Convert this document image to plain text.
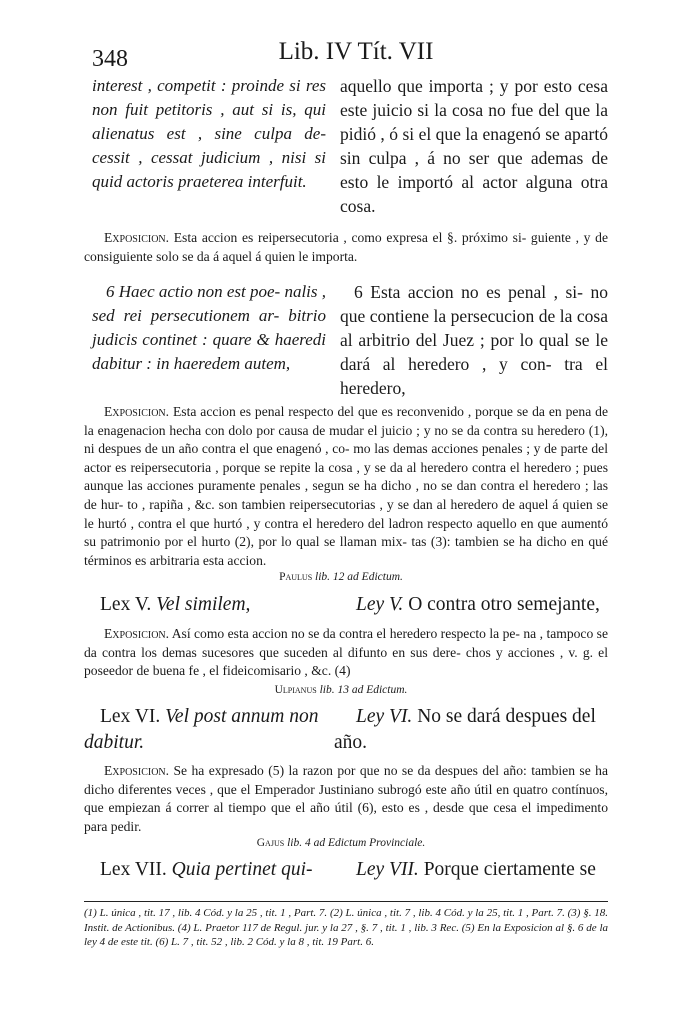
348	Lib. IV Tít. VII
interest , competit : proinde si res non fuit petitoris , aut si is, qui alienatus est , sine culpa de- cessit , cessat judicium , nisi si quid actoris praeterea interfuit.
aquello que importa ; y por esto cesa este juicio si la cosa no fue del que la pidió , ó si el que la enagenó se apartó sin culpa , á no ser que ademas de esto le importó al actor alguna otra cosa.
Exposicion. Esta accion es reipersecutoria , como expresa el §. próximo si- guiente , y de consiguiente solo se da á aquel á quien le importa.
6 Haec actio non est poe- nalis , sed rei persecutionem ar- bitrio judicis continet : quare & haeredi dabitur : in haeredem autem,
6 Esta accion no es penal , si- no que contiene la persecucion de la cosa al arbitrio del Juez ; por lo qual se le dará al heredero , y con- tra el heredero,
Exposicion. Esta accion es penal respecto del que es reconvenido , porque se da en pena de la enagenacion hecha con dolo por causa de mudar el juicio ; y no se da contra su heredero (1), ni despues de un año contra el que enagenó , co- mo las demas acciones penales ; y de parte del actor es reipersecutoria , porque se repite la cosa , y se da al heredero contra el heredero ; pues aunque las acciones puramente penales , segun se ha dicho , no se dan contra el heredero ; las de hur- to , rapiña , &c. son tambien reipersecutorias , y se dan al heredero de aquel á quien se le hurtó , contra el que hurtó , y contra el heredero del ladron respecto aquello en que aumentó su patrimonio por el hurto (2), por lo qual se llaman mix- tas (3): tambien se ha dicho en qué términos es arbitraria esta accion.
Paulus lib. 12 ad Edictum.
Lex V. Vel similem,	Ley V. O contra otro semejante,
Exposicion. Así como esta accion no se da contra el heredero respecto la pe- na , tampoco se da contra los demas sucesores que suceden al difunto en sus dere- chos y acciones , v. g. el poseedor de buena fe , el fideicomisario , &c. (4)
Ulpianus lib. 13 ad Edictum.
Lex VI. Vel post annum non dabitur.
Ley VI. No se dará despues del año.
Exposicion. Se ha expresado (5) la razon por que no se da despues del año: tambien se ha dicho diferentes veces , que el Emperador Justiniano subrogó este año útil en quatro contínuos, que empiezan á correr al tiempo que el año útil (6), esto es , desde que cesa el impedimento para pedir.
Gajus lib. 4 ad Edictum Provinciale.
Lex VII. Quia pertinet qui-	Ley VII. Porque ciertamente se
(1) L. única , tit. 17 , lib. 4 Cód. y la 25 , tit. 1 , Part. 7. (2) L. única , tit. 7 , lib. 4 Cód. y la 25, tit. 1 , Part. 7. (3) §. 18. Instit. de Actionibus. (4) L. Praetor 117 de Regul. jur. y la 27 , §. 7 , tit. 1 , lib. 3 Rec. (5) En la Exposicion al §. 6 de la ley 4 de este tit. (6) L. 7 , tit. 52 , lib. 2 Cód. y la 8 , tit. 19 Part. 6.
